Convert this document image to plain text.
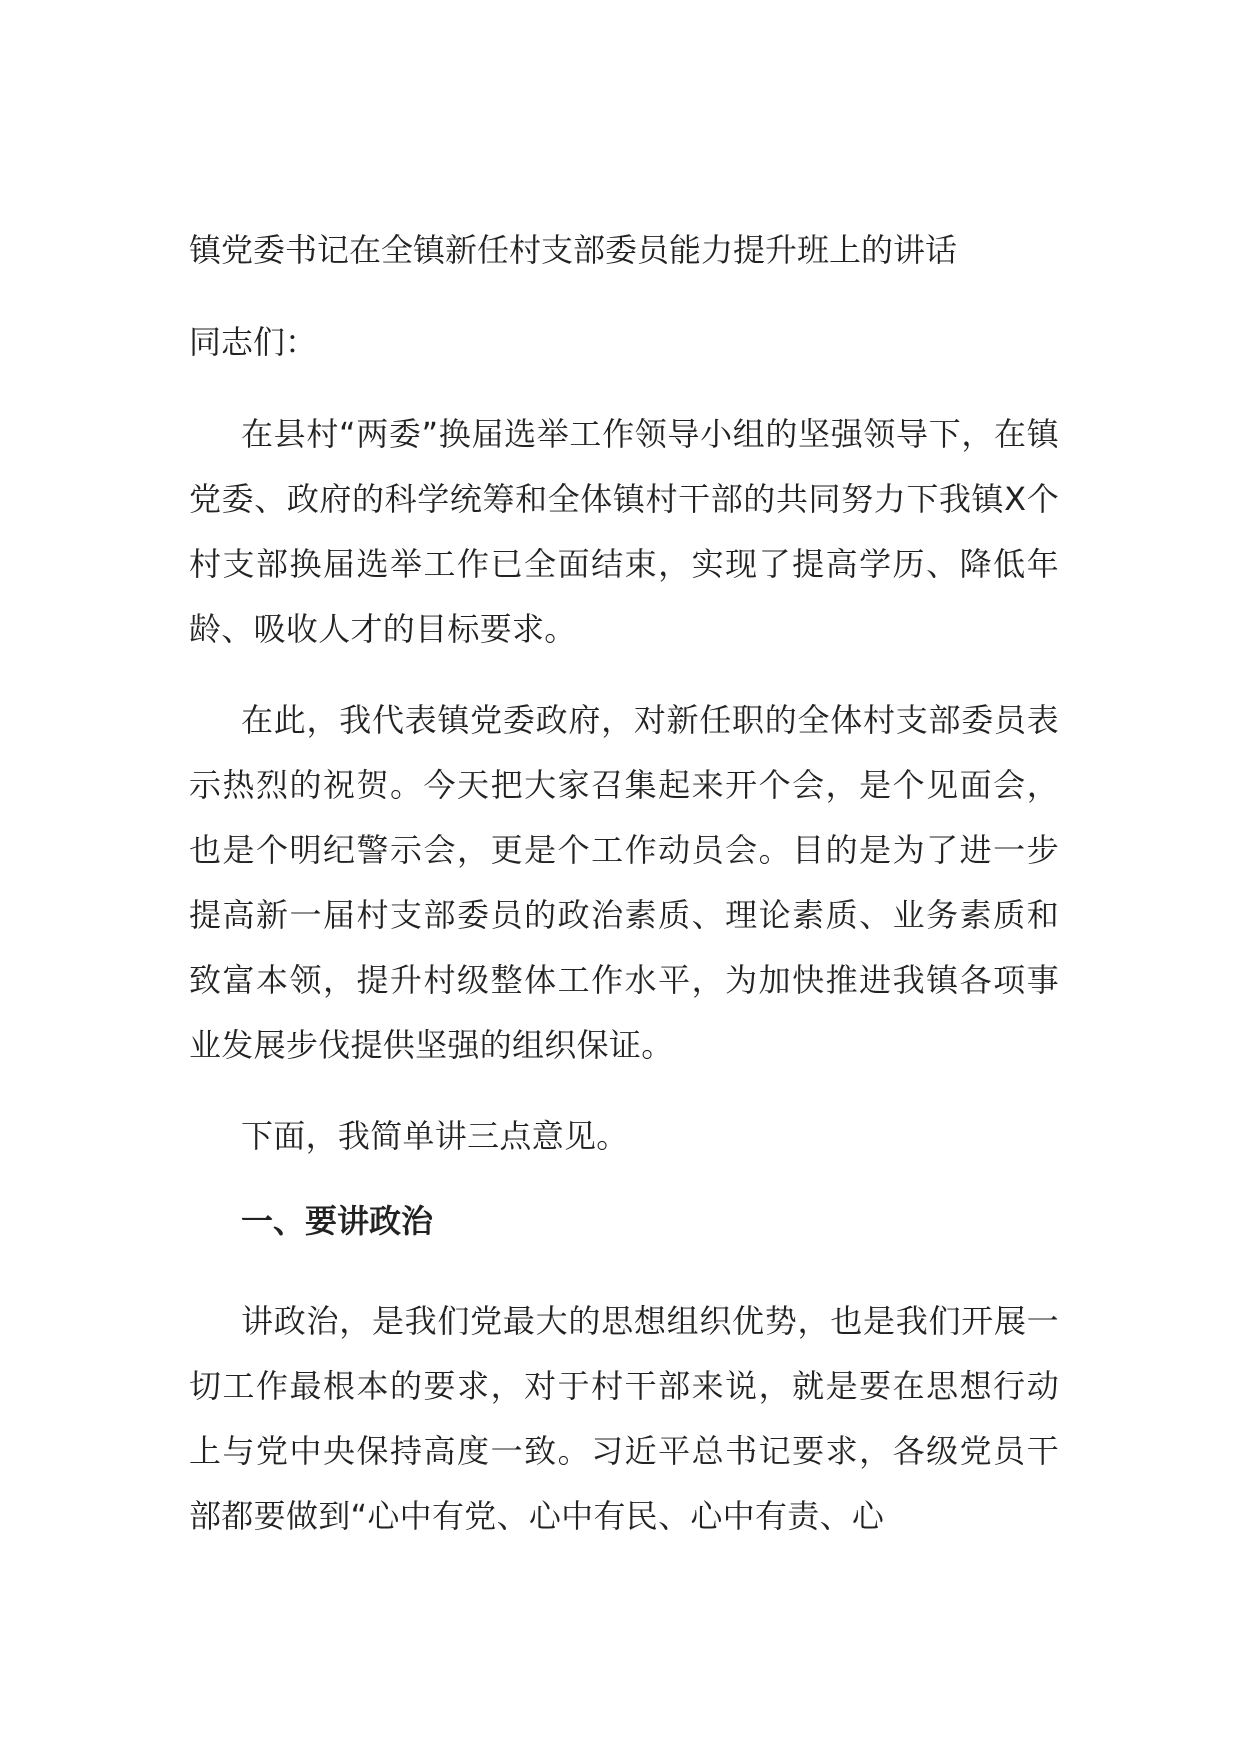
镇党委书记在全镇新任村支部委员能力提升班上的讲话
同志们：

在县村“两委”换届选举工作领导小组的坚强领导下，在镇党委、政府的科学统筹和全体镇村干部的共同努力下我镇X个村支部换届选举工作已全面结束，实现了提高学历、降低年龄、吸收人才的目标要求。

在此，我代表镇党委政府，对新任职的全体村支部委员表示热烈的祝贺。今天把大家召集起来开个会，是个见面会，也是个明纪警示会，更是个工作动员会。目的是为了进一步提高新一届村支部委员的政治素质、理论素质、业务素质和致富本领，提升村级整体工作水平，为加快推进我镇各项事业发展步伐提供坚强的组织保证。

下面，我简单讲三点意见。

一、要讲政治

讲政治，是我们党最大的思想组织优势，也是我们开展一切工作最根本的要求，对于村干部来说，就是要在思想行动上与党中央保持高度一致。习近平总书记要求，各级党员干部都要做到“心中有党、心中有民、心中有责、心
